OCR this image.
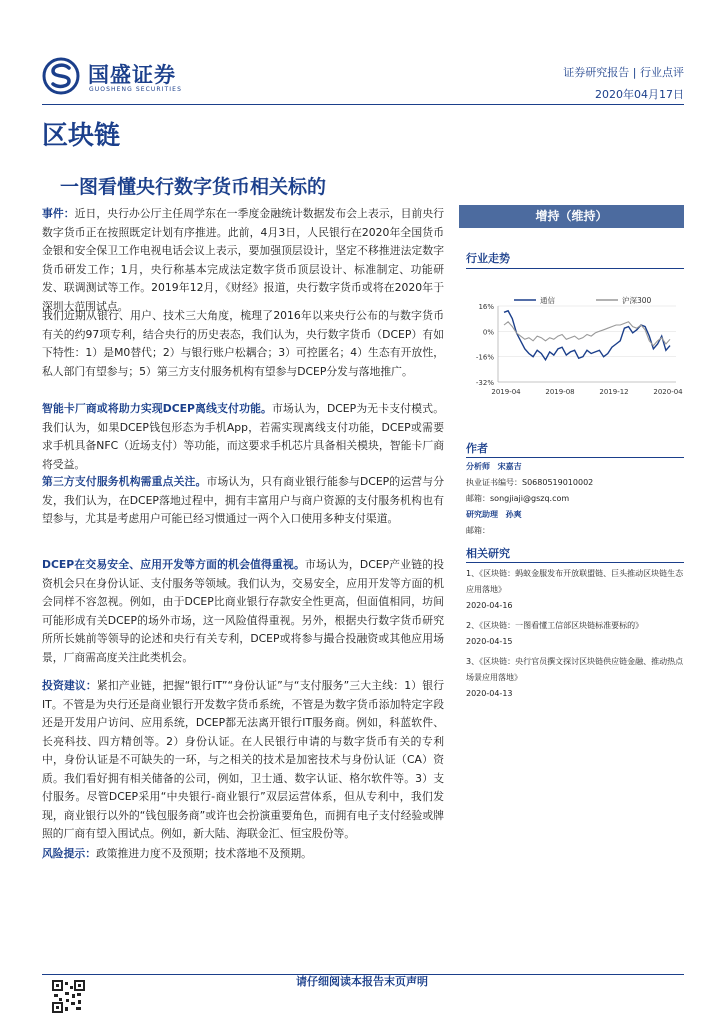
国盛证券
GUOSHENG SECURITIES
证券研究报告 | 行业点评
2020年04月17日
区块链
一图看懂央行数字货币相关标的
事件：近日，央行办公厅主任周学东在一季度金融统计数据发布会上表示，目前央行数字货币正在按照既定计划有序推进。此前，4月3日，人民银行在2020年全国货币金银和安全保卫工作电视电话会议上表示，要加强顶层设计，坚定不移推进法定数字货币研发工作；1月，央行称基本完成法定数字货币顶层设计、标准制定、功能研发、联调测试等工作。2019年12月，《财经》报道，央行数字货币或将在2020年于深圳大范围试点。
我们近期从银行、用户、技术三大角度，梳理了2016年以来央行公布的与数字货币有关的约97项专利，结合央行的历史表态，我们认为，央行数字货币（DCEP）有如下特性：1）是M0替代；2）与银行账户松耦合；3）可控匿名；4）生态有开放性，私人部门有望参与；5）第三方支付服务机构有望参与DCEP分发与落地推广。
智能卡厂商或将助力实现DCEP离线支付功能。市场认为，DCEP为无卡支付模式。我们认为，如果DCEP钱包形态为手机App，若需实现离线支付功能，DCEP或需要求手机具备NFC（近场支付）等功能，而这要求手机芯片具备相关模块，智能卡厂商将受益。
第三方支付服务机构需重点关注。市场认为，只有商业银行能参与DCEP的运营与分发，我们认为，在DCEP落地过程中，拥有丰富用户与商户资源的支付服务机构也有望参与，尤其是考虑用户可能已经习惯通过一两个入口使用多种支付渠道。
DCEP在交易安全、应用开发等方面的机会值得重视。市场认为，DCEP产业链的投资机会只在身份认证、支付服务等领域。我们认为，交易安全，应用开发等方面的机会同样不容忽视。例如，由于DCEP比商业银行存款安全性更高，但面值相同，坊间可能形成有关DCEP的场外市场，这一风险值得重视。另外，根据央行数字货币研究所所长姚前等领导的论述和央行有关专利，DCEP或将参与撮合投融资或其他应用场景，厂商需高度关注此类机会。
投资建议：紧扣产业链，把握“银行IT”“身份认证”与“支付服务”三大主线：1）银行IT。不管是为央行还是商业银行开发数字货币系统，不管是为数字货币添加特定字段还是开发用户访问、应用系统，DCEP都无法离开银行IT服务商。例如，科蓝软件、长亮科技、四方精创等。2）身份认证。在人民银行申请的与数字货币有关的专利中，身份认证是不可缺失的一环，与之相关的技术是加密技术与身份认证（CA）资质。我们看好拥有相关储备的公司，例如，卫士通、数字认证、格尔软件等。3）支付服务。尽管DCEP采用“中央银行-商业银行”双层运营体系，但从专利中，我们发现，商业银行以外的“钱包服务商”或许也会扮演重要角色，而拥有电子支付经验或牌照的厂商有望入围试点。例如，新大陆、海联金汇、恒宝股份等。
风险提示：政策推进力度不及预期；技术落地不及预期。
增持（维持）
行业走势
16%
0%
-16%
-32%
2019-04	2019-08	2019-12	2020-04
通信	沪深300
作者
分析师 宋嘉吉
执业证书编号：S0680519010002
邮箱：songjiaji@gszq.com
研究助理 孙爽
邮箱：
相关研究
1、《区块链：蚂蚁金服发布开放联盟链、巨头推动区块链生态应用落地》
2020-04-16
2、《区块链：一图看懂工信部区块链标准要标的》
2020-04-15
3、《区块链：央行官员撰文探讨区块链供应链金融、推动热点场景应用落地》
2020-04-13
请仔细阅读本报告末页声明
